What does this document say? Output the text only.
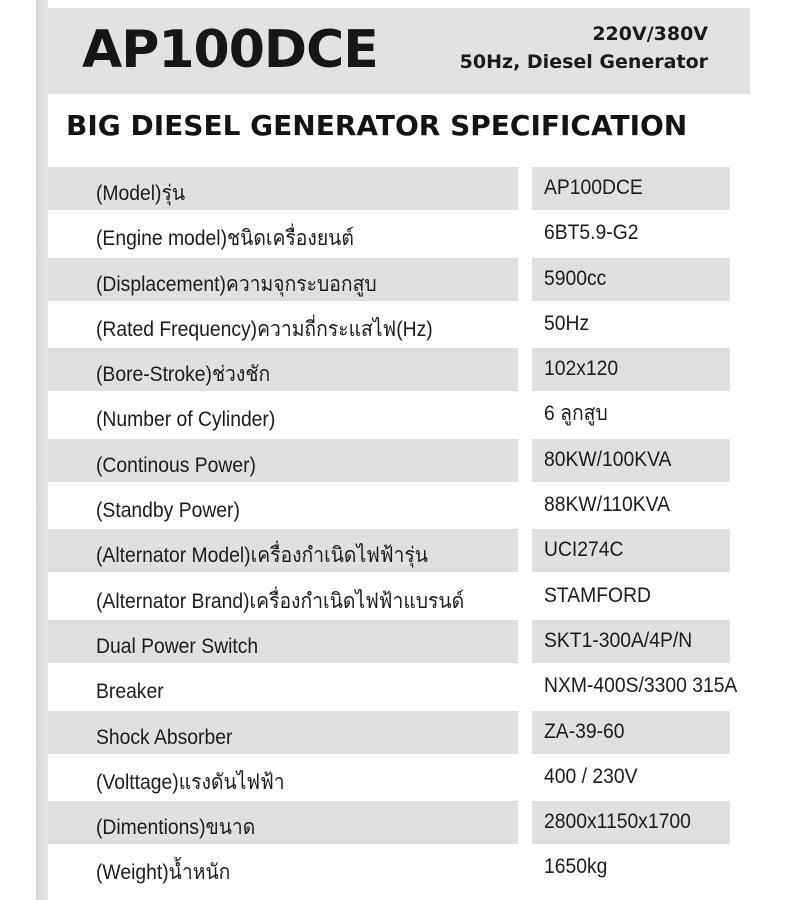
AP100DCE	220V/380V
50Hz, Diesel Generator
BIG DIESEL GENERATOR SPECIFICATION
(Model)รุ่น	AP100DCE
(Engine model)ชนิดเครื่องยนต์	6BT5.9-G2
(Displacement)ความจุกระบอกสูบ	5900cc
(Rated Frequency)ความถี่กระแสไฟ(Hz)	50Hz
(Bore-Stroke)ช่วงชัก	102x120
(Number of Cylinder)	6 ลูกสูบ
(Continous Power)	80KW/100KVA
(Standby Power)	88KW/110KVA
(Alternator Model)เครื่องกำเนิดไฟฟ้ารุ่น	UCI274C
(Alternator Brand)เครื่องกำเนิดไฟฟ้าแบรนด์	STAMFORD
Dual Power Switch	SKT1-300A/4P/N
Breaker	NXM-400S/3300 315A
Shock Absorber	ZA-39-60
(Volttage)แรงดันไฟฟ้า	400 / 230V
(Dimentions)ขนาด	2800x1150x1700
(Weight)น้ำหนัก	1650kg
